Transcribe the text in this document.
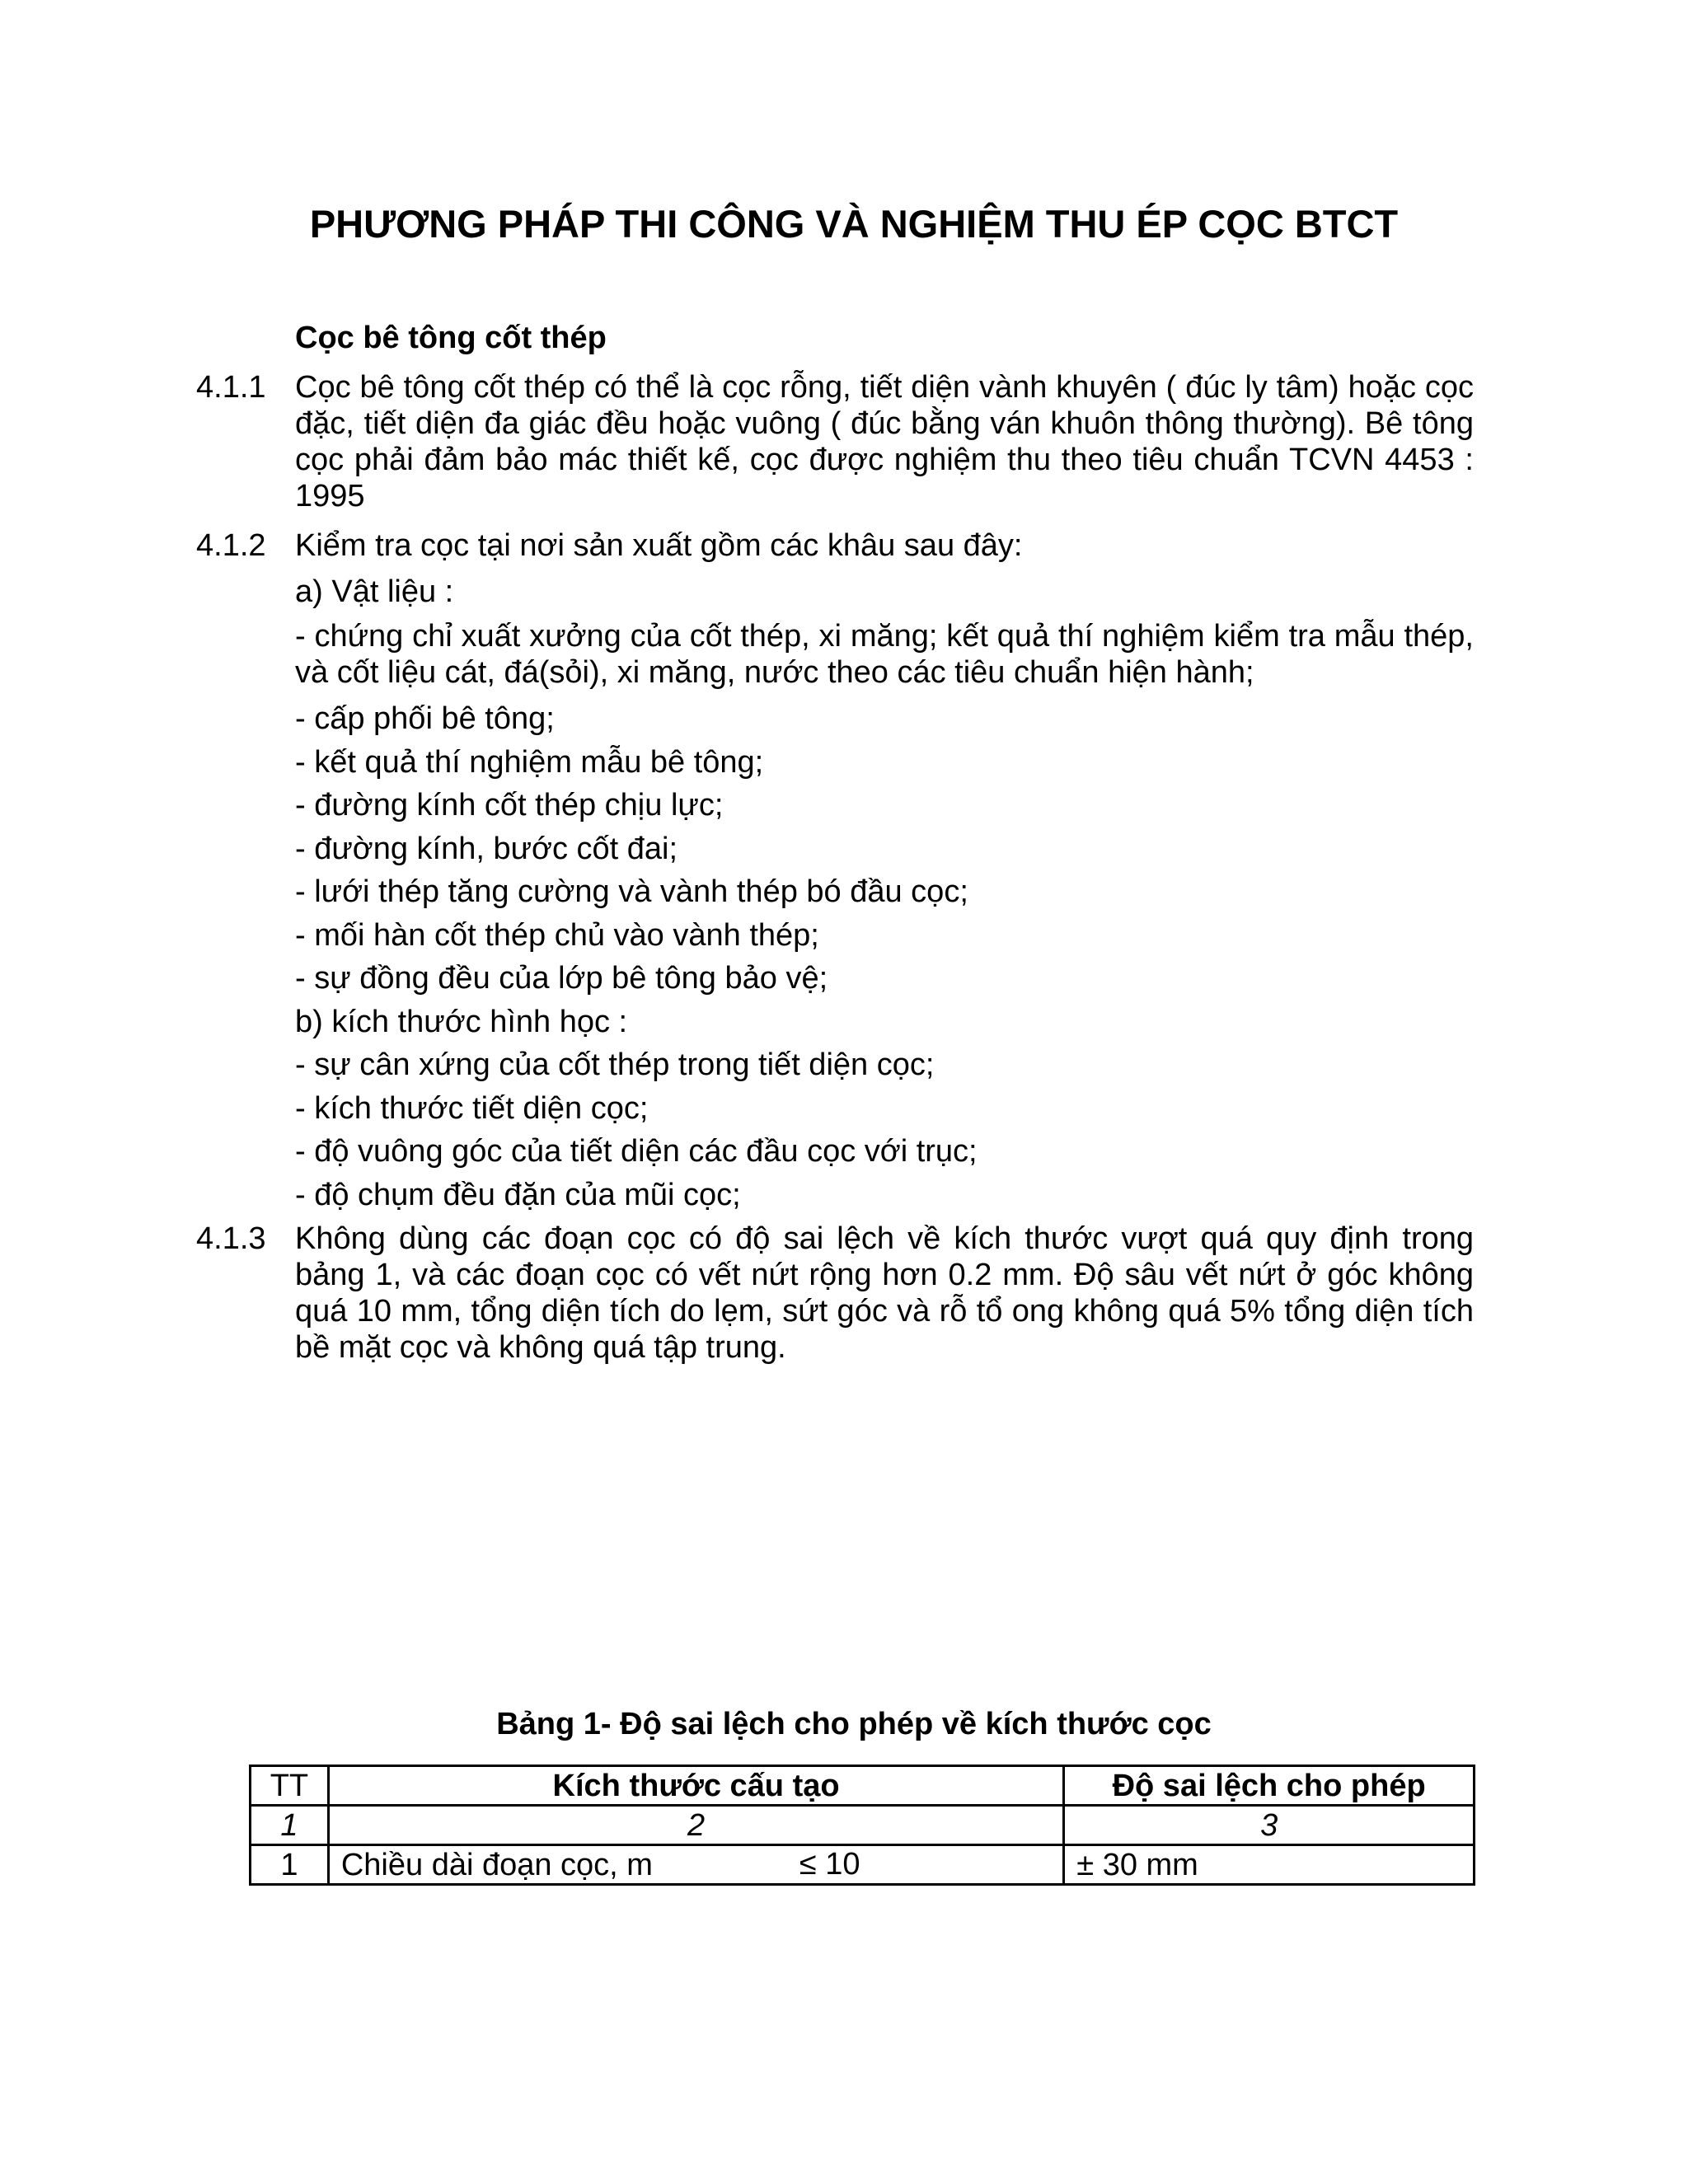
PHƯƠNG PHÁP THI CÔNG VÀ NGHIỆM THU ÉP CỌC BTCT
Cọc bê tông cốt thép
4.1.1 Cọc bê tông cốt thép có thể là cọc rỗng, tiết diện vành khuyên ( đúc ly tâm) hoặc cọc đặc, tiết diện đa giác đều hoặc vuông ( đúc bằng ván khuôn thông thường). Bê tông cọc phải đảm bảo mác thiết kế, cọc được nghiệm thu theo tiêu chuẩn TCVN 4453 : 1995
4.1.2 Kiểm tra cọc tại nơi sản xuất gồm các khâu sau đây:
a) Vật liệu :
- chứng chỉ xuất xưởng của cốt thép, xi măng; kết quả thí nghiệm kiểm tra mẫu thép, và cốt liệu cát, đá(sỏi), xi măng, nước theo các tiêu chuẩn hiện hành;
- cấp phối bê tông;
- kết quả thí nghiệm mẫu bê tông;
- đường kính cốt thép chịu lực;
- đường kính, bước cốt đai;
- lưới thép tăng cường và vành thép bó đầu cọc;
- mối hàn cốt thép chủ vào vành thép;
- sự đồng đều của lớp bê tông bảo vệ;
b) kích thước hình học :
- sự cân xứng của cốt thép trong tiết diện cọc;
- kích thước tiết diện cọc;
- độ vuông góc của tiết diện các đầu cọc với trục;
- độ chụm đều đặn của mũi cọc;
4.1.3 Không dùng các đoạn cọc có độ sai lệch về kích thước vượt quá quy định trong bảng 1, và các đoạn cọc có vết nứt rộng hơn 0.2 mm. Độ sâu vết nứt ở góc không quá 10 mm, tổng diện tích do lẹm, sứt góc và rỗ tổ ong không quá 5% tổng diện tích bề mặt cọc và không quá tập trung.
Bảng 1- Độ sai lệch cho phép về kích thước cọc
TT	Kích thước cấu tạo	Độ sai lệch cho phép
1	2	3
1	Chiều dài đoạn cọc, m ≤ 10	± 30 mm
